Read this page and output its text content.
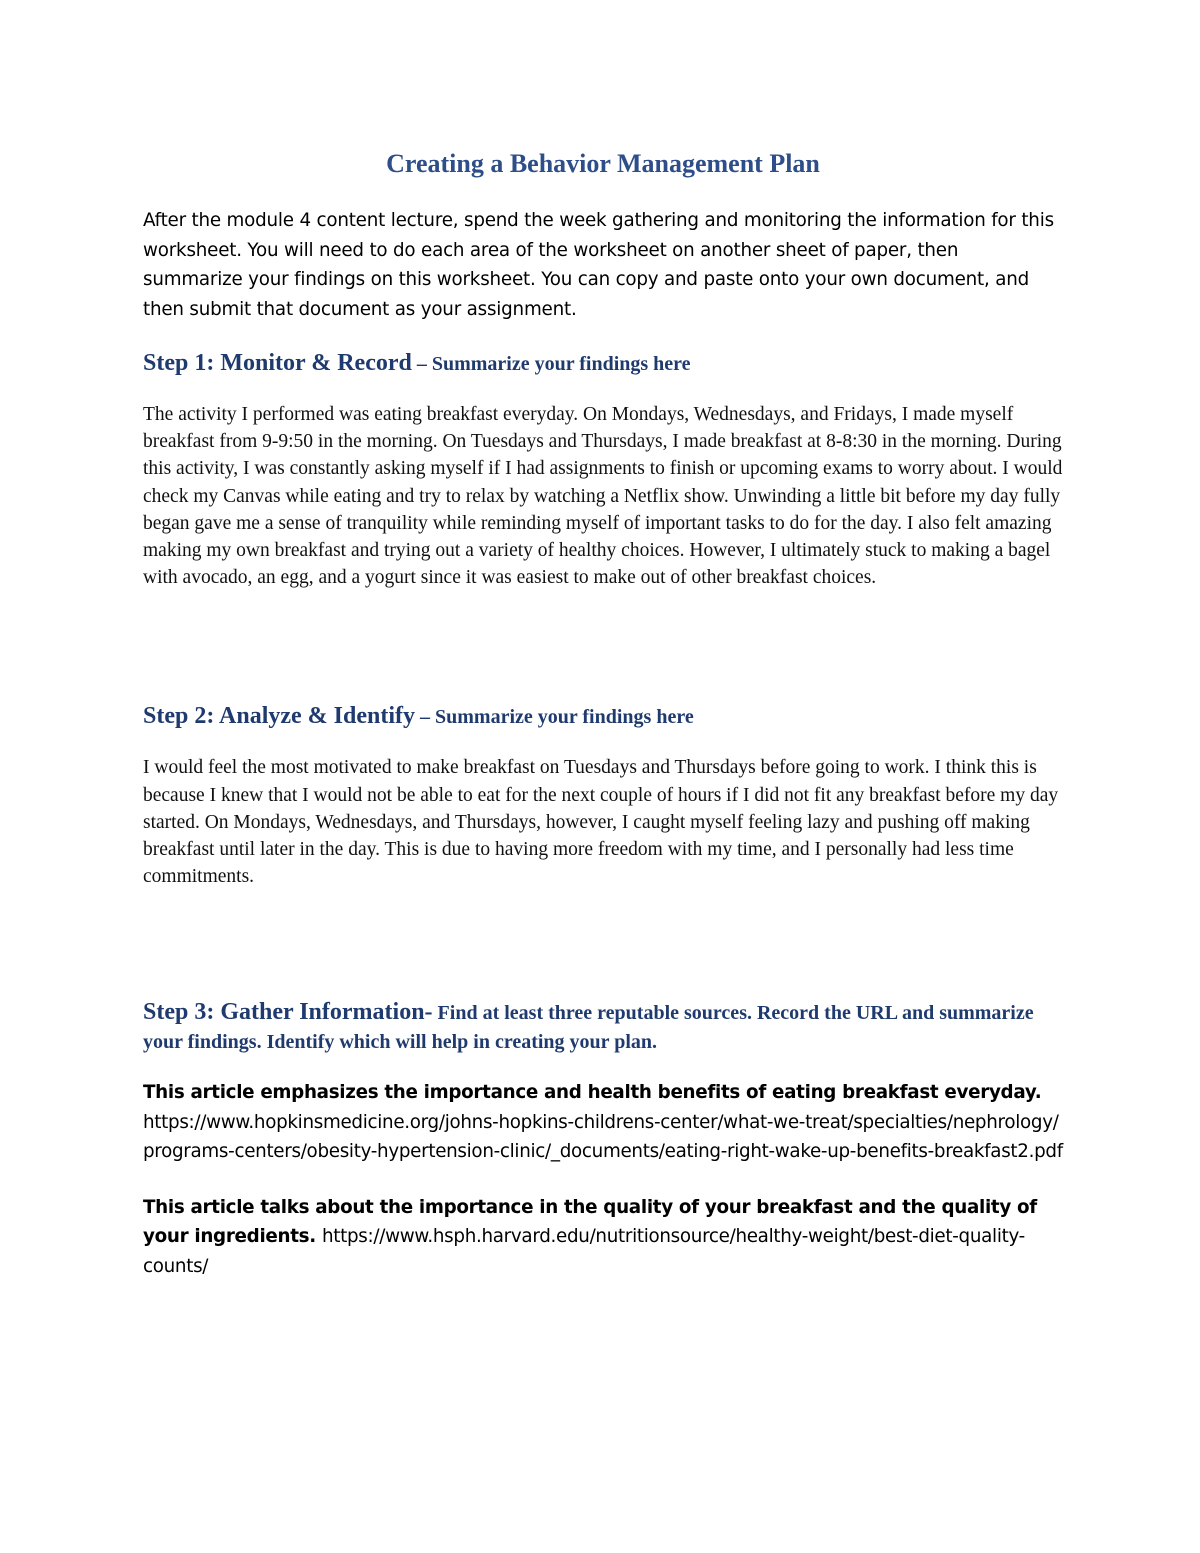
Creating a Behavior Management Plan

After the module 4 content lecture, spend the week gathering and monitoring the information for this worksheet. You will need to do each area of the worksheet on another sheet of paper, then summarize your findings on this worksheet. You can copy and paste onto your own document, and then submit that document as your assignment.

Step 1: Monitor & Record – Summarize your findings here

The activity I performed was eating breakfast everyday. On Mondays, Wednesdays, and Fridays, I made myself breakfast from 9-9:50 in the morning. On Tuesdays and Thursdays, I made breakfast at 8-8:30 in the morning. During this activity, I was constantly asking myself if I had assignments to finish or upcoming exams to worry about. I would check my Canvas while eating and try to relax by watching a Netflix show. Unwinding a little bit before my day fully began gave me a sense of tranquility while reminding myself of important tasks to do for the day. I also felt amazing making my own breakfast and trying out a variety of healthy choices. However, I ultimately stuck to making a bagel with avocado, an egg, and a yogurt since it was easiest to make out of other breakfast choices.

Step 2: Analyze & Identify – Summarize your findings here

I would feel the most motivated to make breakfast on Tuesdays and Thursdays before going to work. I think this is because I knew that I would not be able to eat for the next couple of hours if I did not fit any breakfast before my day started. On Mondays, Wednesdays, and Thursdays, however, I caught myself feeling lazy and pushing off making breakfast until later in the day. This is due to having more freedom with my time, and I personally had less time commitments.

Step 3: Gather Information- Find at least three reputable sources. Record the URL and summarize your findings. Identify which will help in creating your plan.

This article emphasizes the importance and health benefits of eating breakfast everyday.

https://www.hopkinsmedicine.org/johns-hopkins-childrens-center/what-we-treat/specialties/nephrology/programs-centers/obesity-hypertension-clinic/_documents/eating-right-wake-up-benefits-breakfast2.pdf

This article talks about the importance in the quality of your breakfast and the quality of your ingredients. https://www.hsph.harvard.edu/nutritionsource/healthy-weight/best-diet-quality-counts/
